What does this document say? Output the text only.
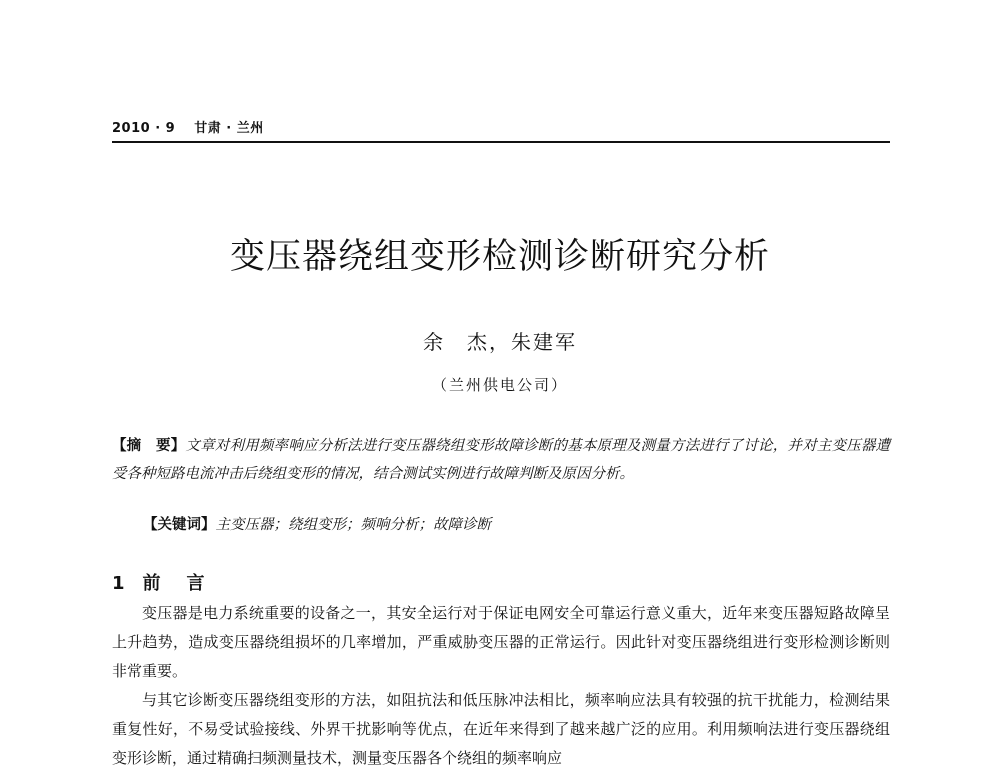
2010 · 9 甘肃 · 兰州
变压器绕组变形检测诊断研究分析
余　杰，朱建军
（兰州供电公司）
【摘　要】文章对利用频率响应分析法进行变压器绕组变形故障诊断的基本原理及测量方法进行了讨论，并对主变压器遭受各种短路电流冲击后绕组变形的情况，结合测试实例进行故障判断及原因分析。
【关键词】主变压器；绕组变形；频响分析；故障诊断
1 前　言

变压器是电力系统重要的设备之一，其安全运行对于保证电网安全可靠运行意义重大，近年来变压器短路故障呈上升趋势，造成变压器绕组损坏的几率增加，严重威胁变压器的正常运行。因此针对变压器绕组进行变形检测诊断则非常重要。

与其它诊断变压器绕组变形的方法，如阻抗法和低压脉冲法相比，频率响应法具有较强的抗干扰能力，检测结果重复性好，不易受试验接线、外界干扰影响等优点，在近年来得到了越来越广泛的应用。利用频响法进行变压器绕组变形诊断，通过精确扫频测量技术，测量变压器各个绕组的频率响应
